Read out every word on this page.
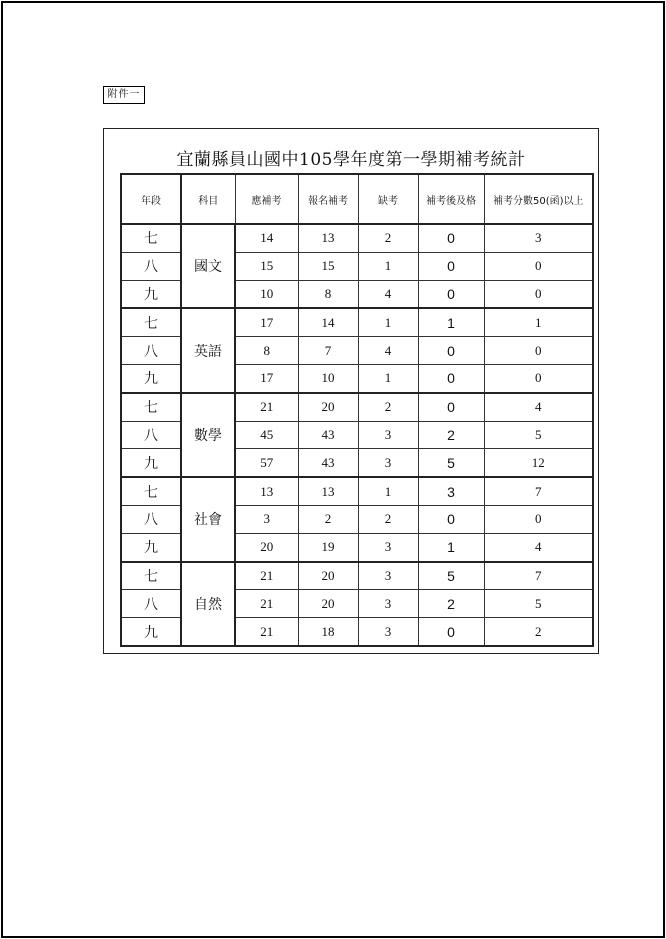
附件一
宜蘭縣員山國中105學年度第一學期補考統計
年段	科目	應補考	報名補考	缺考	補考後及格	補考分數50(函)以上
七	國文	14	13	2	0	3
八		15	15	1	0	0
九		10	8	4	0	0
七	英語	17	14	1	1	1
八		8	7	4	0	0
九		17	10	1	0	0
七	數學	21	20	2	0	4
八		45	43	3	2	5
九		57	43	3	5	12
七	社會	13	13	1	3	7
八		3	2	2	0	0
九		20	19	3	1	4
七	自然	21	20	3	5	7
八		21	20	3	2	5
九		21	18	3	0	2
